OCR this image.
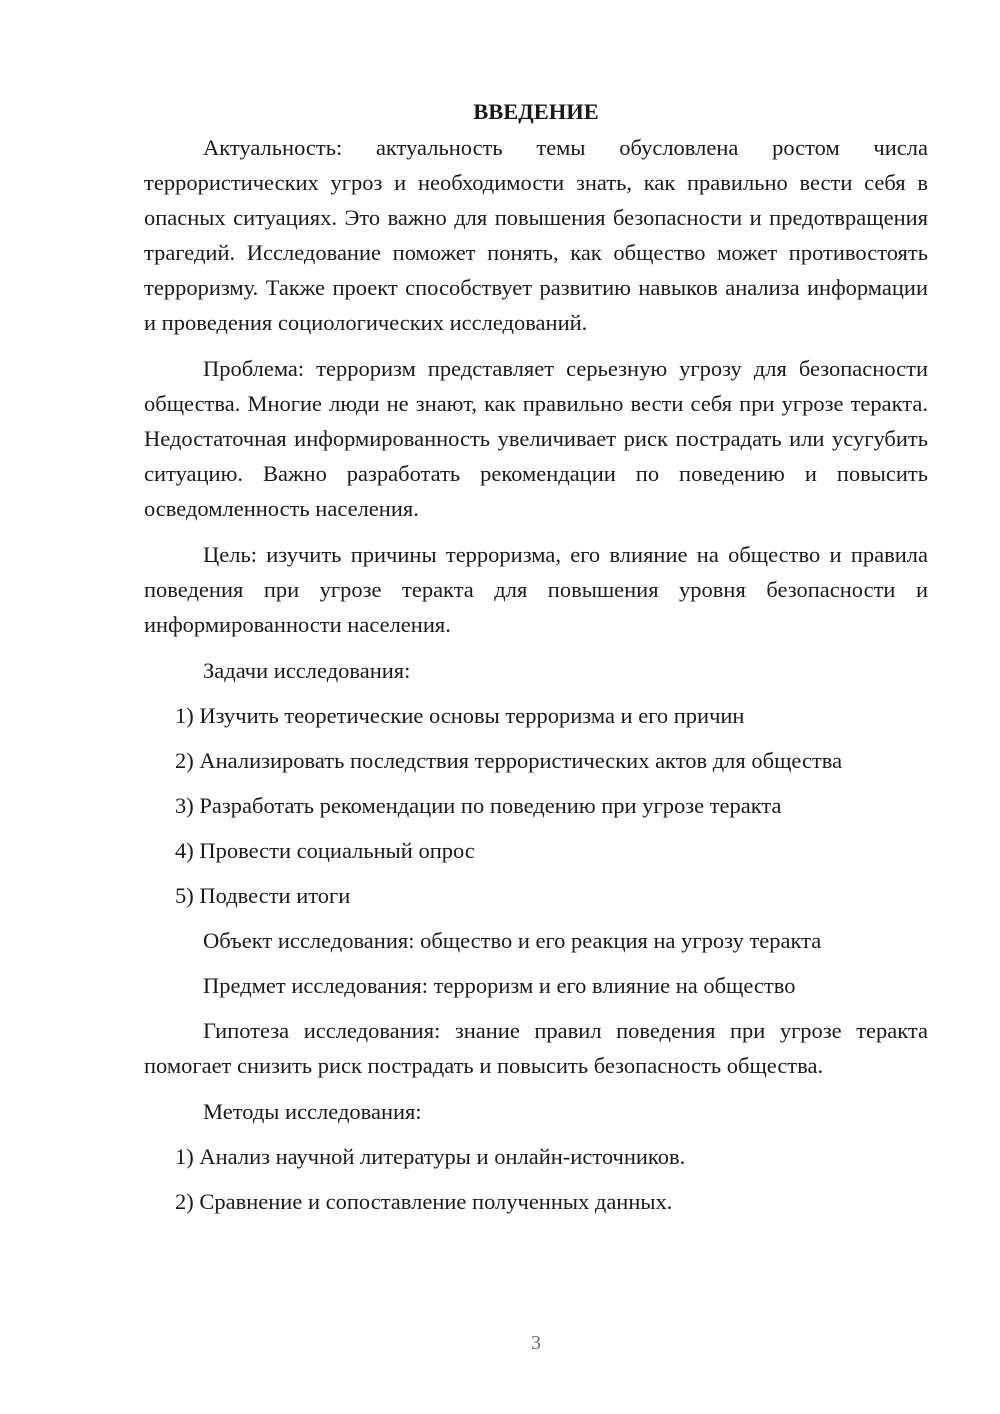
ВВЕДЕНИЕ

Актуальность: актуальность темы обусловлена ростом числа террористических угроз и необходимости знать, как правильно вести себя в опасных ситуациях. Это важно для повышения безопасности и предотвращения трагедий. Исследование поможет понять, как общество может противостоять терроризму. Также проект способствует развитию навыков анализа информации и проведения социологических исследований.

Проблема: терроризм представляет серьезную угрозу для безопасности общества. Многие люди не знают, как правильно вести себя при угрозе теракта. Недостаточная информированность увеличивает риск пострадать или усугубить ситуацию. Важно разработать рекомендации по поведению и повысить осведомленность населения.

Цель: изучить причины терроризма, его влияние на общество и правила поведения при угрозе теракта для повышения уровня безопасности и информированности населения.

Задачи исследования:
1) Изучить теоретические основы терроризма и его причин
2) Анализировать последствия террористических актов для общества
3) Разработать рекомендации по поведению при угрозе теракта
4) Провести социальный опрос
5) Подвести итоги
Объект исследования: общество и его реакция на угрозу теракта
Предмет исследования: терроризм и его влияние на общество

Гипотеза исследования: знание правил поведения при угрозе теракта помогает снизить риск пострадать и повысить безопасность общества.

Методы исследования:
1) Анализ научной литературы и онлайн-источников.
2) Сравнение и сопоставление полученных данных.
3
